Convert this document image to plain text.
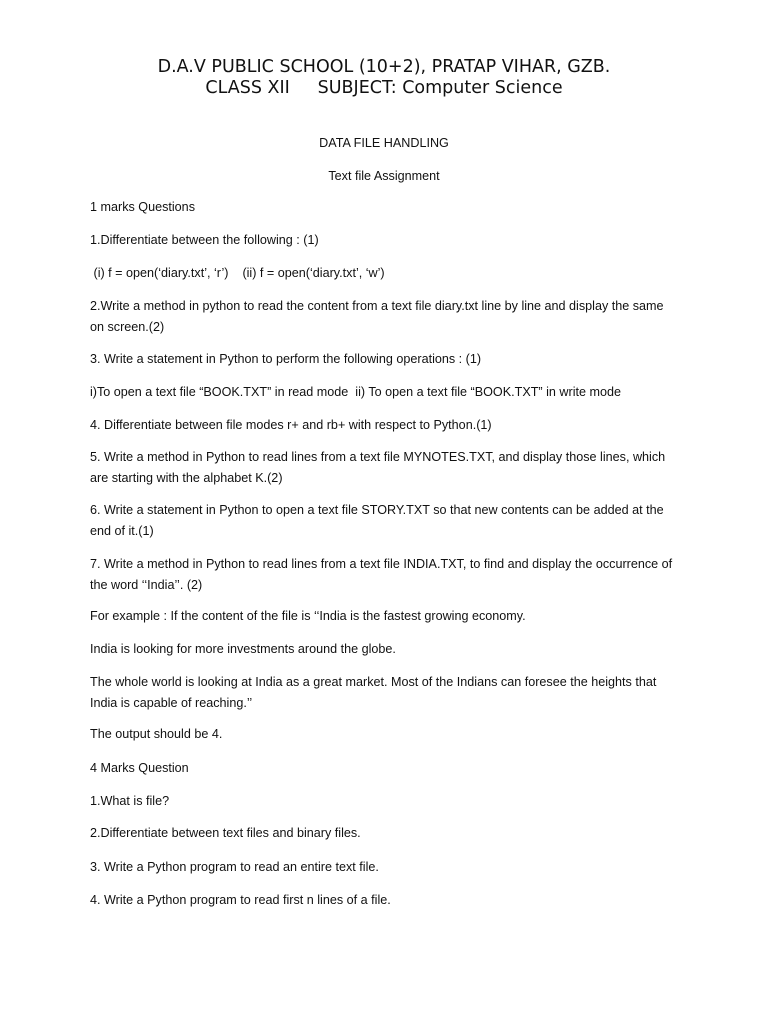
D.A.V PUBLIC SCHOOL (10+2), PRATAP VIHAR, GZB.
CLASS XII     SUBJECT: Computer Science
DATA FILE HANDLING
Text file Assignment
1 marks Questions
1.Differentiate between the following : (1)
(i) f = open(‘diary.txt’, ‘r’)    (ii) f = open(‘diary.txt’, ‘w’)
2.Write a method in python to read the content from a text file diary.txt line by line and display the same on screen.(2)
3. Write a statement in Python to perform the following operations : (1)
i)To open a text file “BOOK.TXT” in read mode  ii) To open a text file “BOOK.TXT” in write mode
4. Differentiate between file modes r+ and rb+ with respect to Python.(1)
5. Write a method in Python to read lines from a text file MYNOTES.TXT, and display those lines, which are starting with the alphabet K.(2)
6. Write a statement in Python to open a text file STORY.TXT so that new contents can be added at the end of it.(1)
7. Write a method in Python to read lines from a text file INDIA.TXT, to find and display the occurrence of the word ‘‘India’’. (2)
For example : If the content of the file is ‘‘India is the fastest growing economy.
India is looking for more investments around the globe.
The whole world is looking at India as a great market. Most of the Indians can foresee the heights that India is capable of reaching.’’
The output should be 4.
4 Marks Question
1.What is file?
2.Differentiate between text files and binary files.
3. Write a Python program to read an entire text file.
4. Write a Python program to read first n lines of a file.
